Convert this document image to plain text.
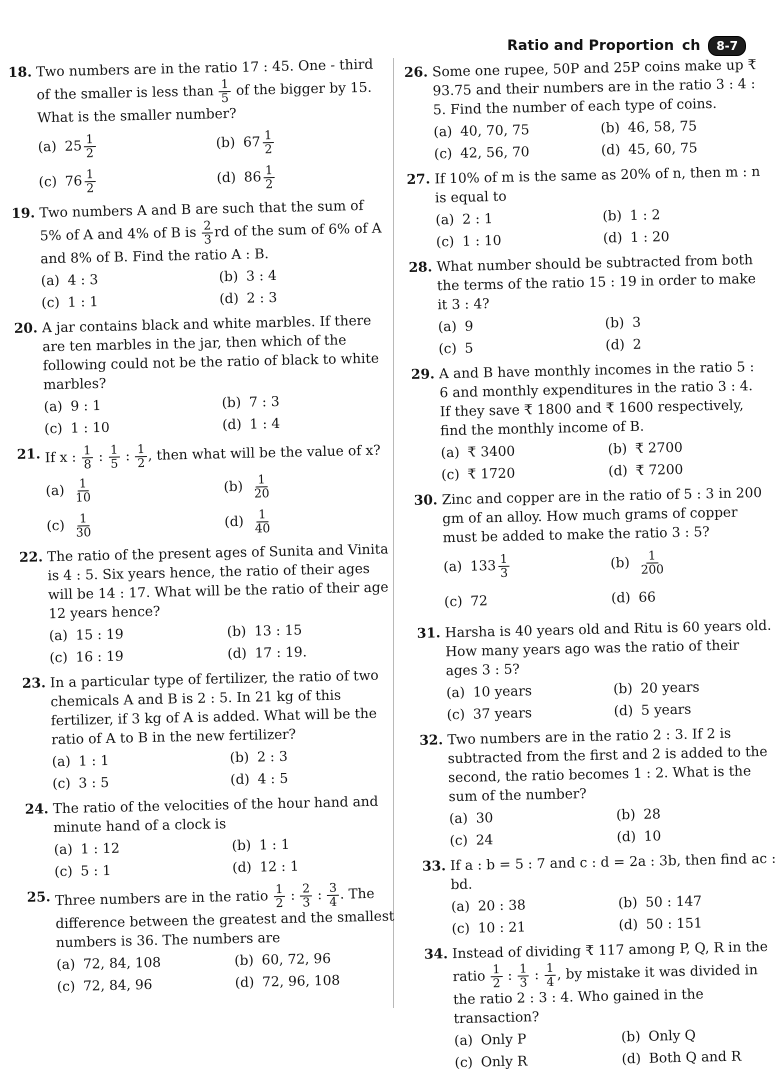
Ratio and Proportion ch	8-7
18. Two numbers are in the ratio 17 : 45. One - third of the smaller is less than $\frac{1}{5}$ of the bigger by 15. What is the smaller number?
(a) $25 \frac{1}{2}$	(b) $67 \frac{1}{2}$
(c) $76 \frac{1}{2}$	(d) $86 \frac{1}{2}$
19. Two numbers A and B are such that the sum of 5% of A and 4% of B is $\frac{2}{3}$ rd of the sum of 6% of A and 8% of B. Find the ratio A : B.
(a) 4 : 3	(b) 3 : 4
(c) 1 : 1	(d) 2 : 3
20. A jar contains black and white marbles. If there are ten marbles in the jar, then which of the following could not be the ratio of black to white marbles?
(a) 9 : 1	(b) 7 : 3
(c) 1 : 10	(d) 1 : 4
21. If x : $\frac{1}{8}$ : $\frac{1}{5}$ : $\frac{1}{2}$ , then what will be the value of x?
$(a) \frac{1}{10}$	$(b) \frac{1}{20}$
$(c) \frac{1}{30}$	$(d) \frac{1}{40}$
22. The ratio of the present ages of Sunita and Vinita is 4 : 5. Six years hence, the ratio of their ages will be 14 : 17. What will be the ratio of their age 12 years hence?
(a) 15 : 19	(b) 13 : 15
(c) 16 : 19	(d) 17 : 19.
23. In a particular type of fertilizer, the ratio of two chemicals A and B is 2 : 5. In 21 kg of this fertilizer, if 3 kg of A is added. What will be the ratio of A to B in the new fertilizer?
(a) 1 : 1	(b) 2 : 3
(c) 3 : 5	(d) 4 : 5
24. The ratio of the velocities of the hour hand and minute hand of a clock is
(a) 1 : 12	(b) 1 : 1
(c) 5 : 1	(d) 12 : 1
25. Three numbers are in the ratio $\frac{1}{2}$ : $\frac{2}{3}$ : $\frac{3}{4}$ . The difference between the greatest and the smallest numbers is 36. The numbers are
(a) 72, 84, 108	(b) 60, 72, 96
(c) 72, 84, 96	(d) 72, 96, 108
26. Some one rupee, 50P and 25P coins make up ₹ 93.75 and their numbers are in the ratio 3 : 4 : 5. Find the number of each type of coins.
(a) 40, 70, 75	(b) 46, 58, 75
(c) 42, 56, 70	(d) 45, 60, 75
27. If 10% of m is the same as 20% of n, then m : n is equal to
(a) 2 : 1	(b) 1 : 2
(c) 1 : 10	(d) 1 : 20
28. What number should be subtracted from both the terms of the ratio 15 : 19 in order to make it 3 : 4?
(a) 9	(b) 3
(c) 5	(d) 2
29. A and B have monthly incomes in the ratio 5 : 6 and monthly expenditures in the ratio 3 : 4. If they save ₹ 1800 and ₹ 1600 respectively, find the monthly income of B.
(a) ₹ 3400	(b) ₹ 2700
(c) ₹ 1720	(d) ₹ 7200
30. Zinc and copper are in the ratio of 5 : 3 in 200 gm of an alloy. How much grams of copper must be added to make the ratio 3 : 5?
(a) $133 \frac{1}{3}$	$(b) \frac{1}{200}$
(c) 72	(d) 66
31. Harsha is 40 years old and Ritu is 60 years old. How many years ago was the ratio of their ages 3 : 5?
(a) 10 years	(b) 20 years
(c) 37 years	(d) 5 years
32. Two numbers are in the ratio 2 : 3. If 2 is subtracted from the first and 2 is added to the second, the ratio becomes 1 : 2. What is the sum of the number?
(a) 30	(b) 28
(c) 24	(d) 10
33. If a : b = 5 : 7 and c : d = 2a : 3b, then find ac : bd.
(a) 20 : 38	(b) 50 : 147
(c) 10 : 21	(d) 50 : 151
34. Instead of dividing ₹ 117 among P, Q, R in the ratio $\frac{1}{2}$ : $\frac{1}{3}$ : $\frac{1}{4}$ , by mistake it was divided in the ratio 2 : 3 : 4. Who gained in the transaction?
(a) Only P	(b) Only Q
(c) Only R	(d) Both Q and R
